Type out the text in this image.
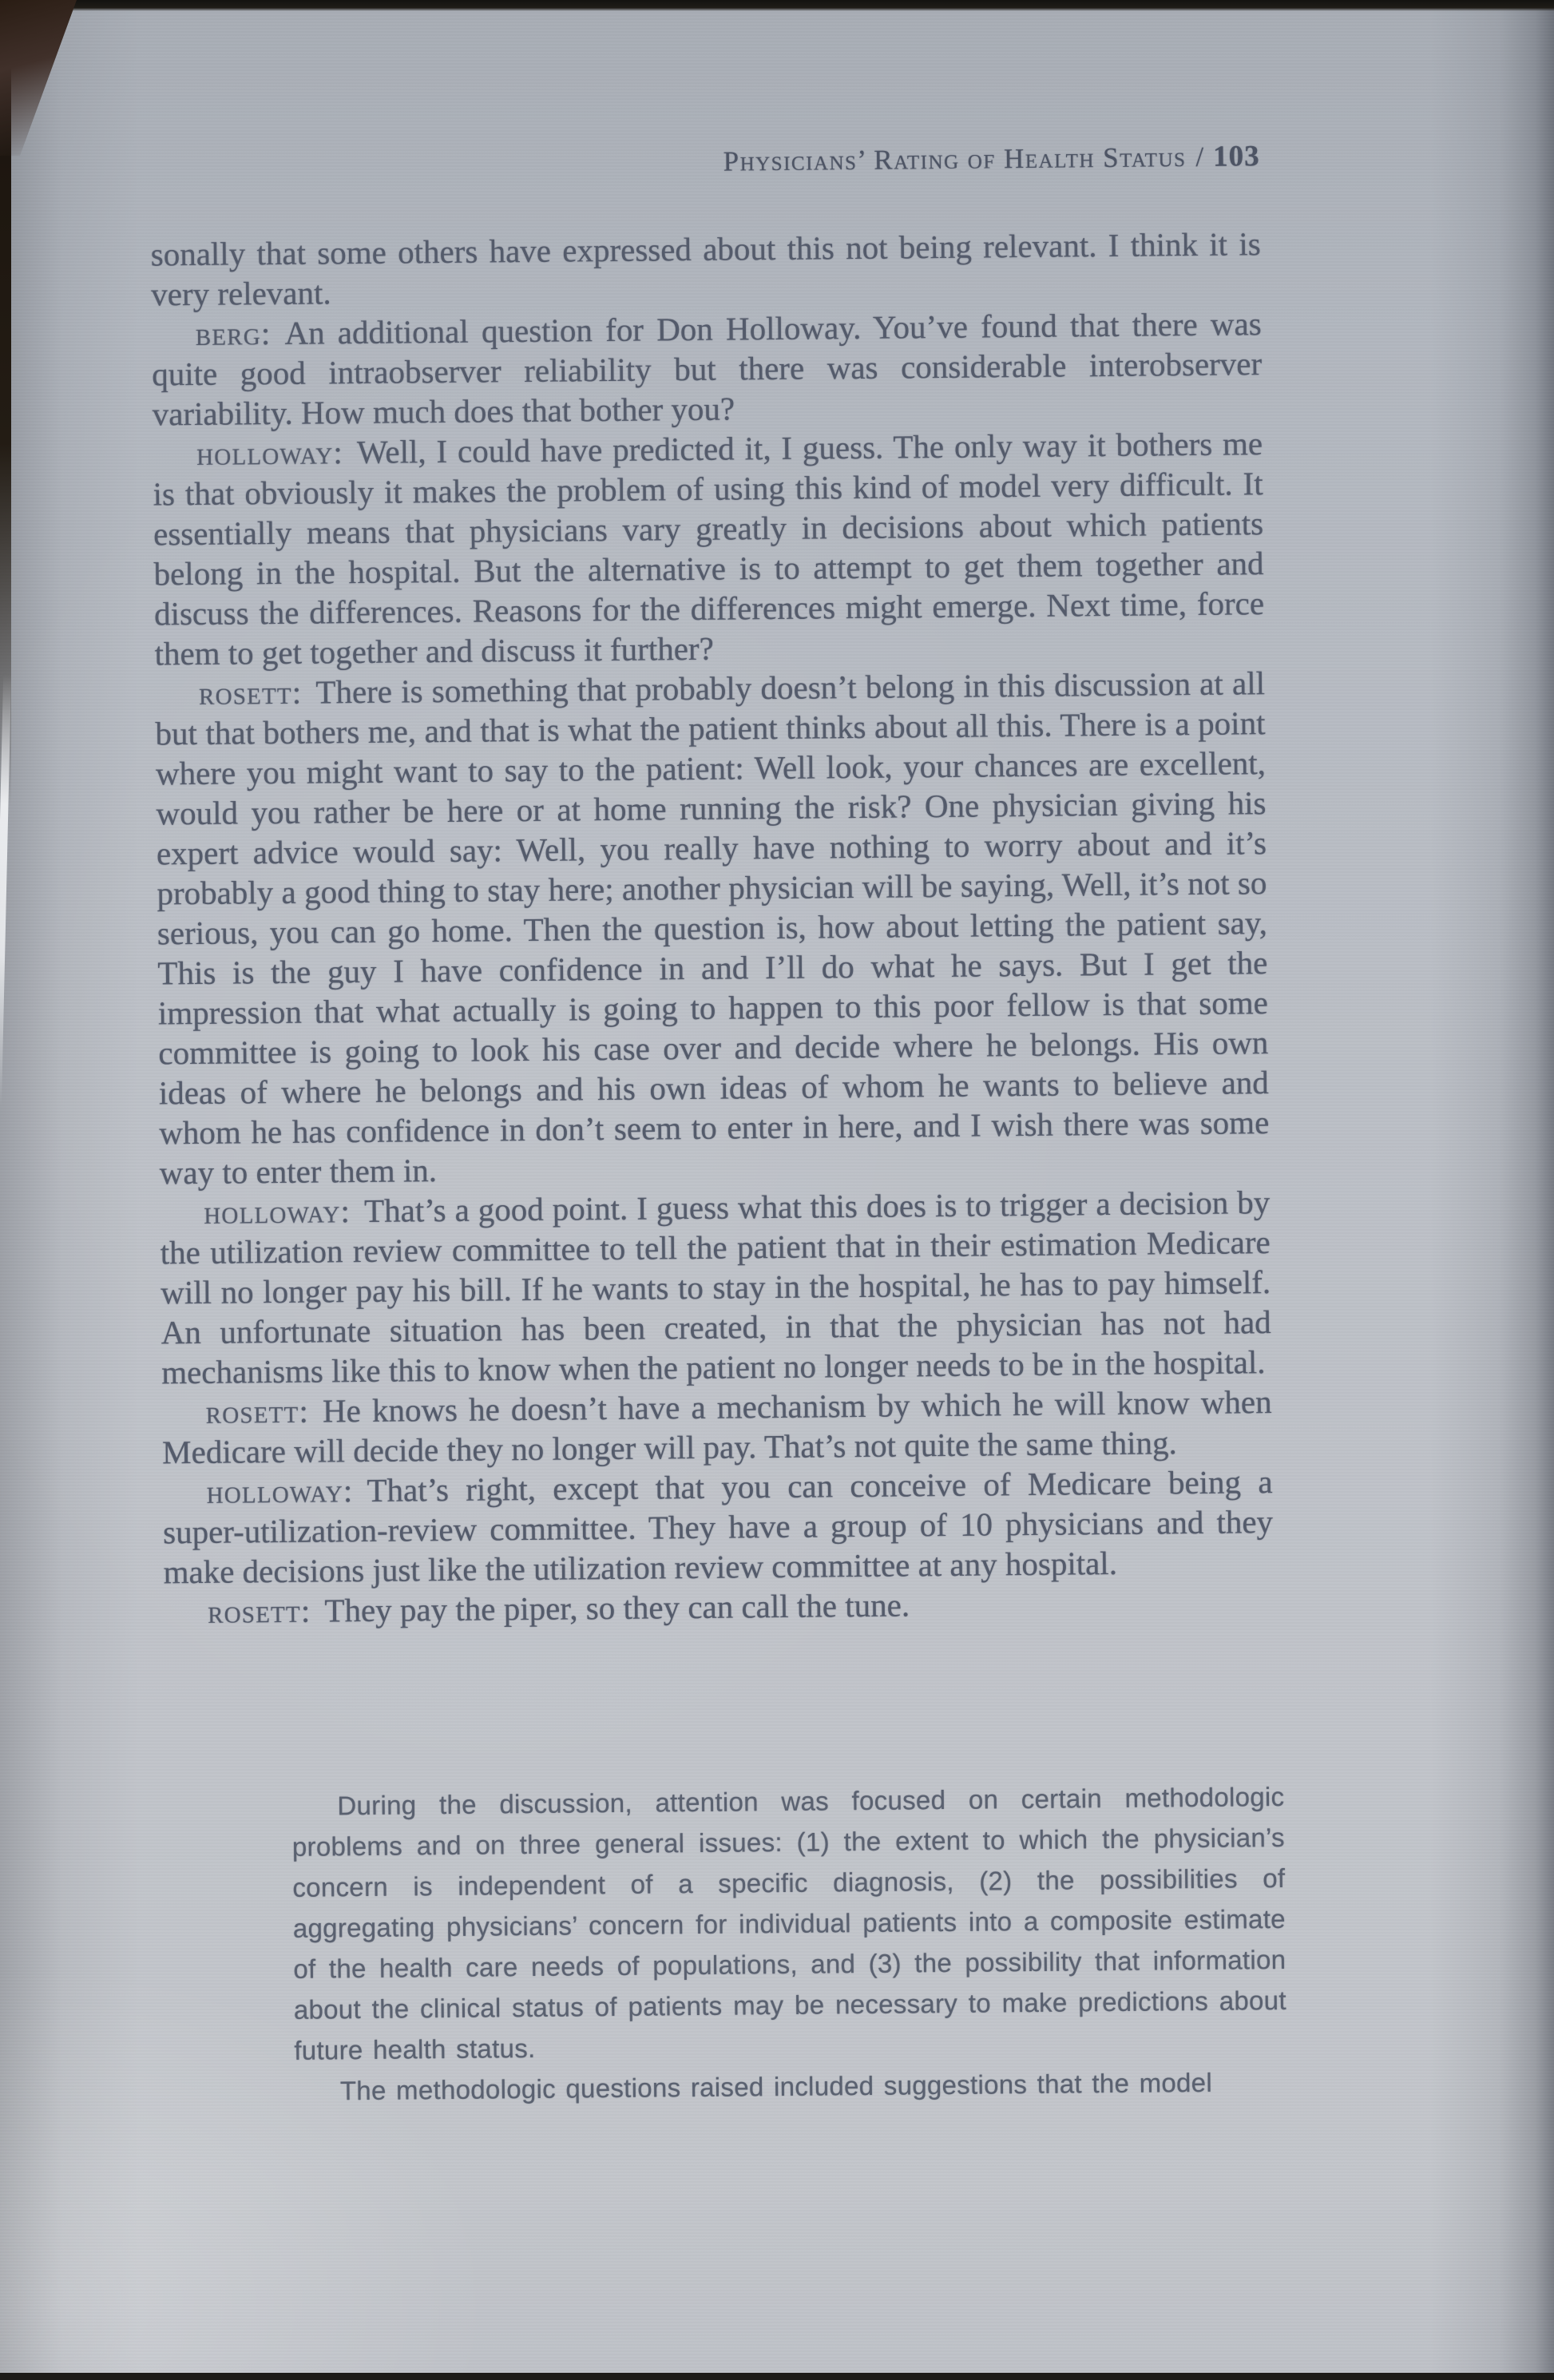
Physicians’ Rating of Health Status / 103

sonally that some others have expressed about this not being relevant. I think it is very relevant.

berg: An additional question for Don Holloway. You’ve found that there was quite good intraobserver reliability but there was considerable interobserver variability. How much does that bother you?

holloway: Well, I could have predicted it, I guess. The only way it bothers me is that obviously it makes the problem of using this kind of model very difficult. It essentially means that physicians vary greatly in decisions about which patients belong in the hospital. But the alternative is to attempt to get them together and discuss the differences. Reasons for the differences might emerge. Next time, force them to get together and discuss it further?

rosett: There is something that probably doesn’t belong in this discussion at all but that bothers me, and that is what the patient thinks about all this. There is a point where you might want to say to the patient: Well look, your chances are excellent, would you rather be here or at home running the risk? One physician giving his expert advice would say: Well, you really have nothing to worry about and it’s probably a good thing to stay here; another physician will be saying, Well, it’s not so serious, you can go home. Then the question is, how about letting the patient say, This is the guy I have confidence in and I’ll do what he says. But I get the impression that what actually is going to happen to this poor fellow is that some committee is going to look his case over and decide where he belongs. His own ideas of where he belongs and his own ideas of whom he wants to believe and whom he has confidence in don’t seem to enter in here, and I wish there was some way to enter them in.

holloway: That’s a good point. I guess what this does is to trigger a decision by the utilization review committee to tell the patient that in their estimation Medicare will no longer pay his bill. If he wants to stay in the hospital, he has to pay himself. An unfortunate situation has been created, in that the physician has not had mechanisms like this to know when the patient no longer needs to be in the hospital.

rosett: He knows he doesn’t have a mechanism by which he will know when Medicare will decide they no longer will pay. That’s not quite the same thing.

holloway: That’s right, except that you can conceive of Medicare being a super-utilization-review committee. They have a group of 10 physicians and they make decisions just like the utilization review committee at any hospital.

rosett: They pay the piper, so they can call the tune.

During the discussion, attention was focused on certain methodologic problems and on three general issues: (1) the extent to which the physician’s concern is independent of a specific diagnosis, (2) the possibilities of aggregating physicians’ concern for individual patients into a composite estimate of the health care needs of populations, and (3) the possibility that information about the clinical status of patients may be necessary to make predictions about future health status.

The methodologic questions raised included suggestions that the model
